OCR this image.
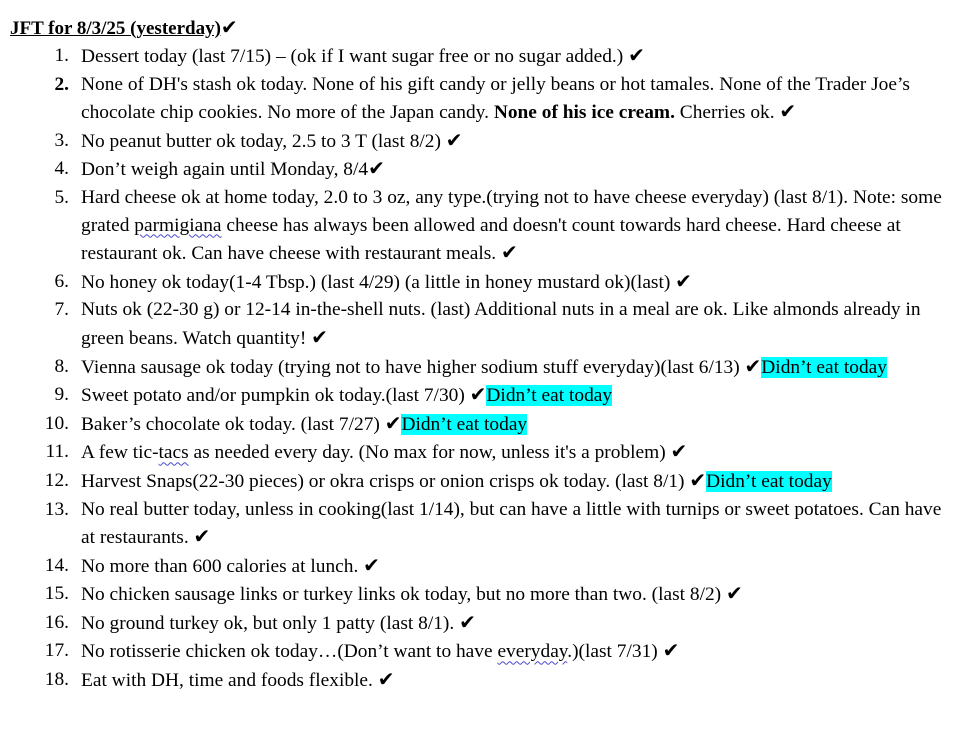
JFT for 8/3/25 (yesterday)✔
1. Dessert today (last 7/15) – (ok if I want sugar free or no sugar added.) ✔
2. None of DH's stash ok today. None of his gift candy or jelly beans or hot tamales. None of the Trader Joe’s chocolate chip cookies. No more of the Japan candy. None of his ice cream. Cherries ok. ✔
3. No peanut butter ok today, 2.5 to 3 T (last 8/2) ✔
4. Don’t weigh again until Monday, 8/4✔
5. Hard cheese ok at home today, 2.0 to 3 oz, any type.(trying not to have cheese everyday) (last 8/1). Note: some grated parmigiana cheese has always been allowed and doesn't count towards hard cheese. Hard cheese at restaurant ok. Can have cheese with restaurant meals. ✔
6. No honey ok today(1-4 Tbsp.) (last 4/29) (a little in honey mustard ok)(last) ✔
7. Nuts ok (22-30 g) or 12-14 in-the-shell nuts. (last) Additional nuts in a meal are ok. Like almonds already in green beans. Watch quantity! ✔
8. Vienna sausage ok today (trying not to have higher sodium stuff everyday)(last 6/13) ✔Didn’t eat today
9. Sweet potato and/or pumpkin ok today.(last 7/30) ✔Didn’t eat today
10. Baker’s chocolate ok today. (last 7/27) ✔Didn’t eat today
11. A few tic-tacs as needed every day. (No max for now, unless it's a problem) ✔
12. Harvest Snaps(22-30 pieces) or okra crisps or onion crisps ok today. (last 8/1) ✔Didn’t eat today
13. No real butter today, unless in cooking(last 1/14), but can have a little with turnips or sweet potatoes. Can have at restaurants. ✔
14. No more than 600 calories at lunch. ✔
15. No chicken sausage links or turkey links ok today, but no more than two. (last 8/2) ✔
16. No ground turkey ok, but only 1 patty (last 8/1). ✔
17. No rotisserie chicken ok today…(Don’t want to have everyday.)(last 7/31) ✔
18. Eat with DH, time and foods flexible. ✔
